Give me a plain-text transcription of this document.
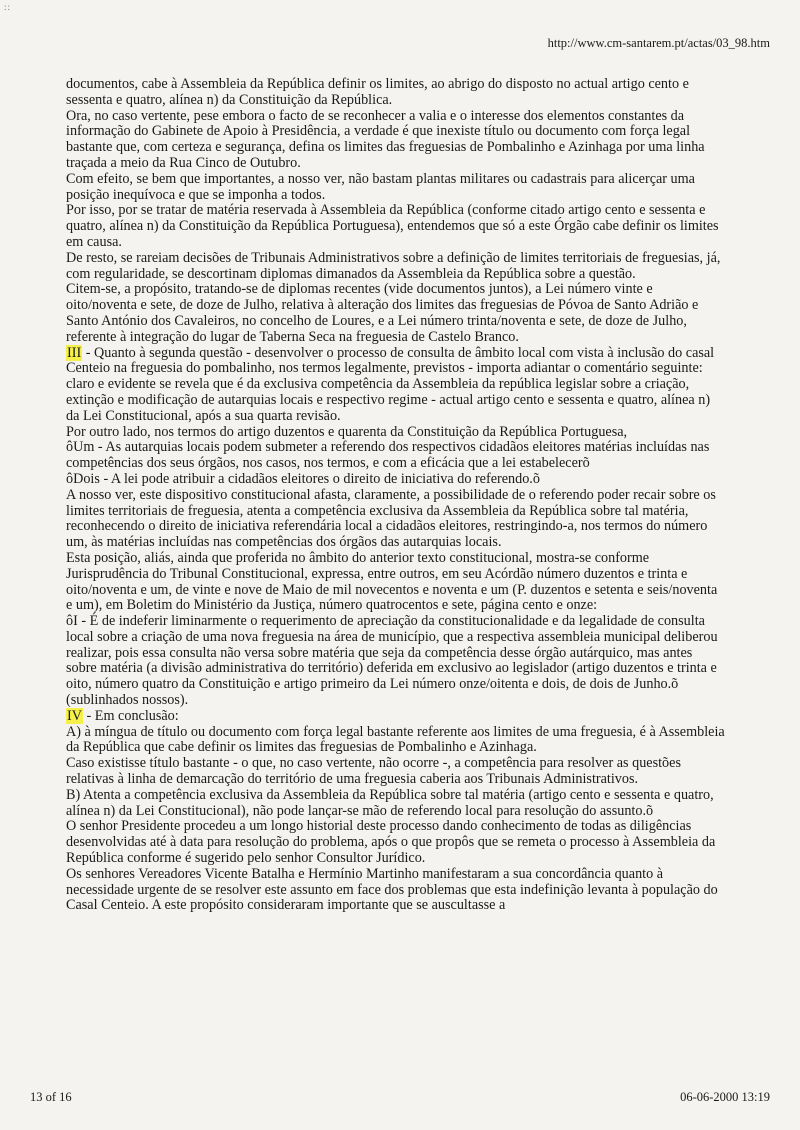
::
http://www.cm-santarem.pt/actas/03_98.htm

documentos, cabe à Assembleia da República definir os limites, ao abrigo do disposto no actual artigo cento e sessenta e quatro, alínea n) da Constituição da República.

Ora, no caso vertente, pese embora o facto de se reconhecer a valia e o interesse dos elementos constantes da informação do Gabinete de Apoio à Presidência, a verdade é que inexiste título ou documento com força legal bastante que, com certeza e segurança, defina os limites das freguesias de Pombalinho e Azinhaga por uma linha traçada a meio da Rua Cinco de Outubro.

Com efeito, se bem que importantes, a nosso ver, não bastam plantas militares ou cadastrais para alicerçar uma posição inequívoca e que se imponha a todos.

Por isso, por se tratar de matéria reservada à Assembleia da República (conforme citado artigo cento e sessenta e quatro, alínea n) da Constituição da República Portuguesa), entendemos que só a este Órgão cabe definir os limites em causa.

De resto, se rareiam decisões de Tribunais Administrativos sobre a definição de limites territoriais de freguesias, já, com regularidade, se descortinam diplomas dimanados da Assembleia da República sobre a questão.

Citem-se, a propósito, tratando-se de diplomas recentes (vide documentos juntos), a Lei número vinte e oito/noventa e sete, de doze de Julho, relativa à alteração dos limites das freguesias de Póvoa de Santo Adrião e Santo António dos Cavaleiros, no concelho de Loures, e a Lei número trinta/noventa e sete, de doze de Julho, referente à integração do lugar de Taberna Seca na freguesia de Castelo Branco.

III - Quanto à segunda questão - desenvolver o processo de consulta de âmbito local com vista à inclusão do casal Centeio na freguesia do pombalinho, nos termos legalmente, previstos - importa adiantar o comentário seguinte:

claro e evidente se revela que é da exclusiva competência da Assembleia da república legislar sobre a criação, extinção e modificação de autarquias locais e respectivo regime - actual artigo cento e sessenta e quatro, alínea n) da Lei Constitucional, após a sua quarta revisão.

Por outro lado, nos termos do artigo duzentos e quarenta da Constituição da República Portuguesa,

ôUm - As autarquias locais podem submeter a referendo dos respectivos cidadãos eleitores matérias incluídas nas competências dos seus órgãos, nos casos, nos termos, e com a eficácia que a lei estabelecerõ

ôDois - A lei pode atribuir a cidadãos eleitores o direito de iniciativa do referendo.õ

A nosso ver, este dispositivo constitucional afasta, claramente, a possibilidade de o referendo poder recair sobre os limites territoriais de freguesia, atenta a competência exclusiva da Assembleia da República sobre tal matéria, reconhecendo o direito de iniciativa referendária local a cidadãos eleitores, restringindo-a, nos termos do número um, às matérias incluídas nas competências dos órgãos das autarquias locais.

Esta posição, aliás, ainda que proferida no âmbito do anterior texto constitucional, mostra-se conforme Jurisprudência do Tribunal Constitucional, expressa, entre outros, em seu Acórdão número duzentos e trinta e oito/noventa e um, de vinte e nove de Maio de mil novecentos e noventa e um (P. duzentos e setenta e seis/noventa e um), em Boletim do Ministério da Justiça, número quatrocentos e sete, página cento e onze:

ôI - É de indeferir liminarmente o requerimento de apreciação da constitucionalidade e da legalidade de consulta local sobre a criação de uma nova freguesia na área de município, que a respectiva assembleia municipal deliberou realizar, pois essa consulta não versa sobre matéria que seja da competência desse órgão autárquico, mas antes sobre matéria (a divisão administrativa do território) deferida em exclusivo ao legislador (artigo duzentos e trinta e oito, número quatro da Constituição e artigo primeiro da Lei número onze/oitenta e dois, de dois de Junho.õ (sublinhados nossos).

IV - Em conclusão:

A) à míngua de título ou documento com força legal bastante referente aos limites de uma freguesia, é à Assembleia da República que cabe definir os limites das freguesias de Pombalinho e Azinhaga.

Caso existisse título bastante - o que, no caso vertente, não ocorre -, a competência para resolver as questões relativas à linha de demarcação do território de uma freguesia caberia aos Tribunais Administrativos.

B) Atenta a competência exclusiva da Assembleia da República sobre tal matéria (artigo cento e sessenta e quatro, alínea n) da Lei Constitucional), não pode lançar-se mão de referendo local para resolução do assunto.õ

O senhor Presidente procedeu a um longo historial deste processo dando conhecimento de todas as diligências desenvolvidas até à data para resolução do problema, após o que propôs que se remeta o processo à Assembleia da República conforme é sugerido pelo senhor Consultor Jurídico.

Os senhores Vereadores Vicente Batalha e Hermínio Martinho manifestaram a sua concordância quanto à necessidade urgente de se resolver este assunto em face dos problemas que esta indefinição levanta à população do Casal Centeio. A este propósito consideraram importante que se auscultasse a

13 of 16	06-06-2000 13:19
